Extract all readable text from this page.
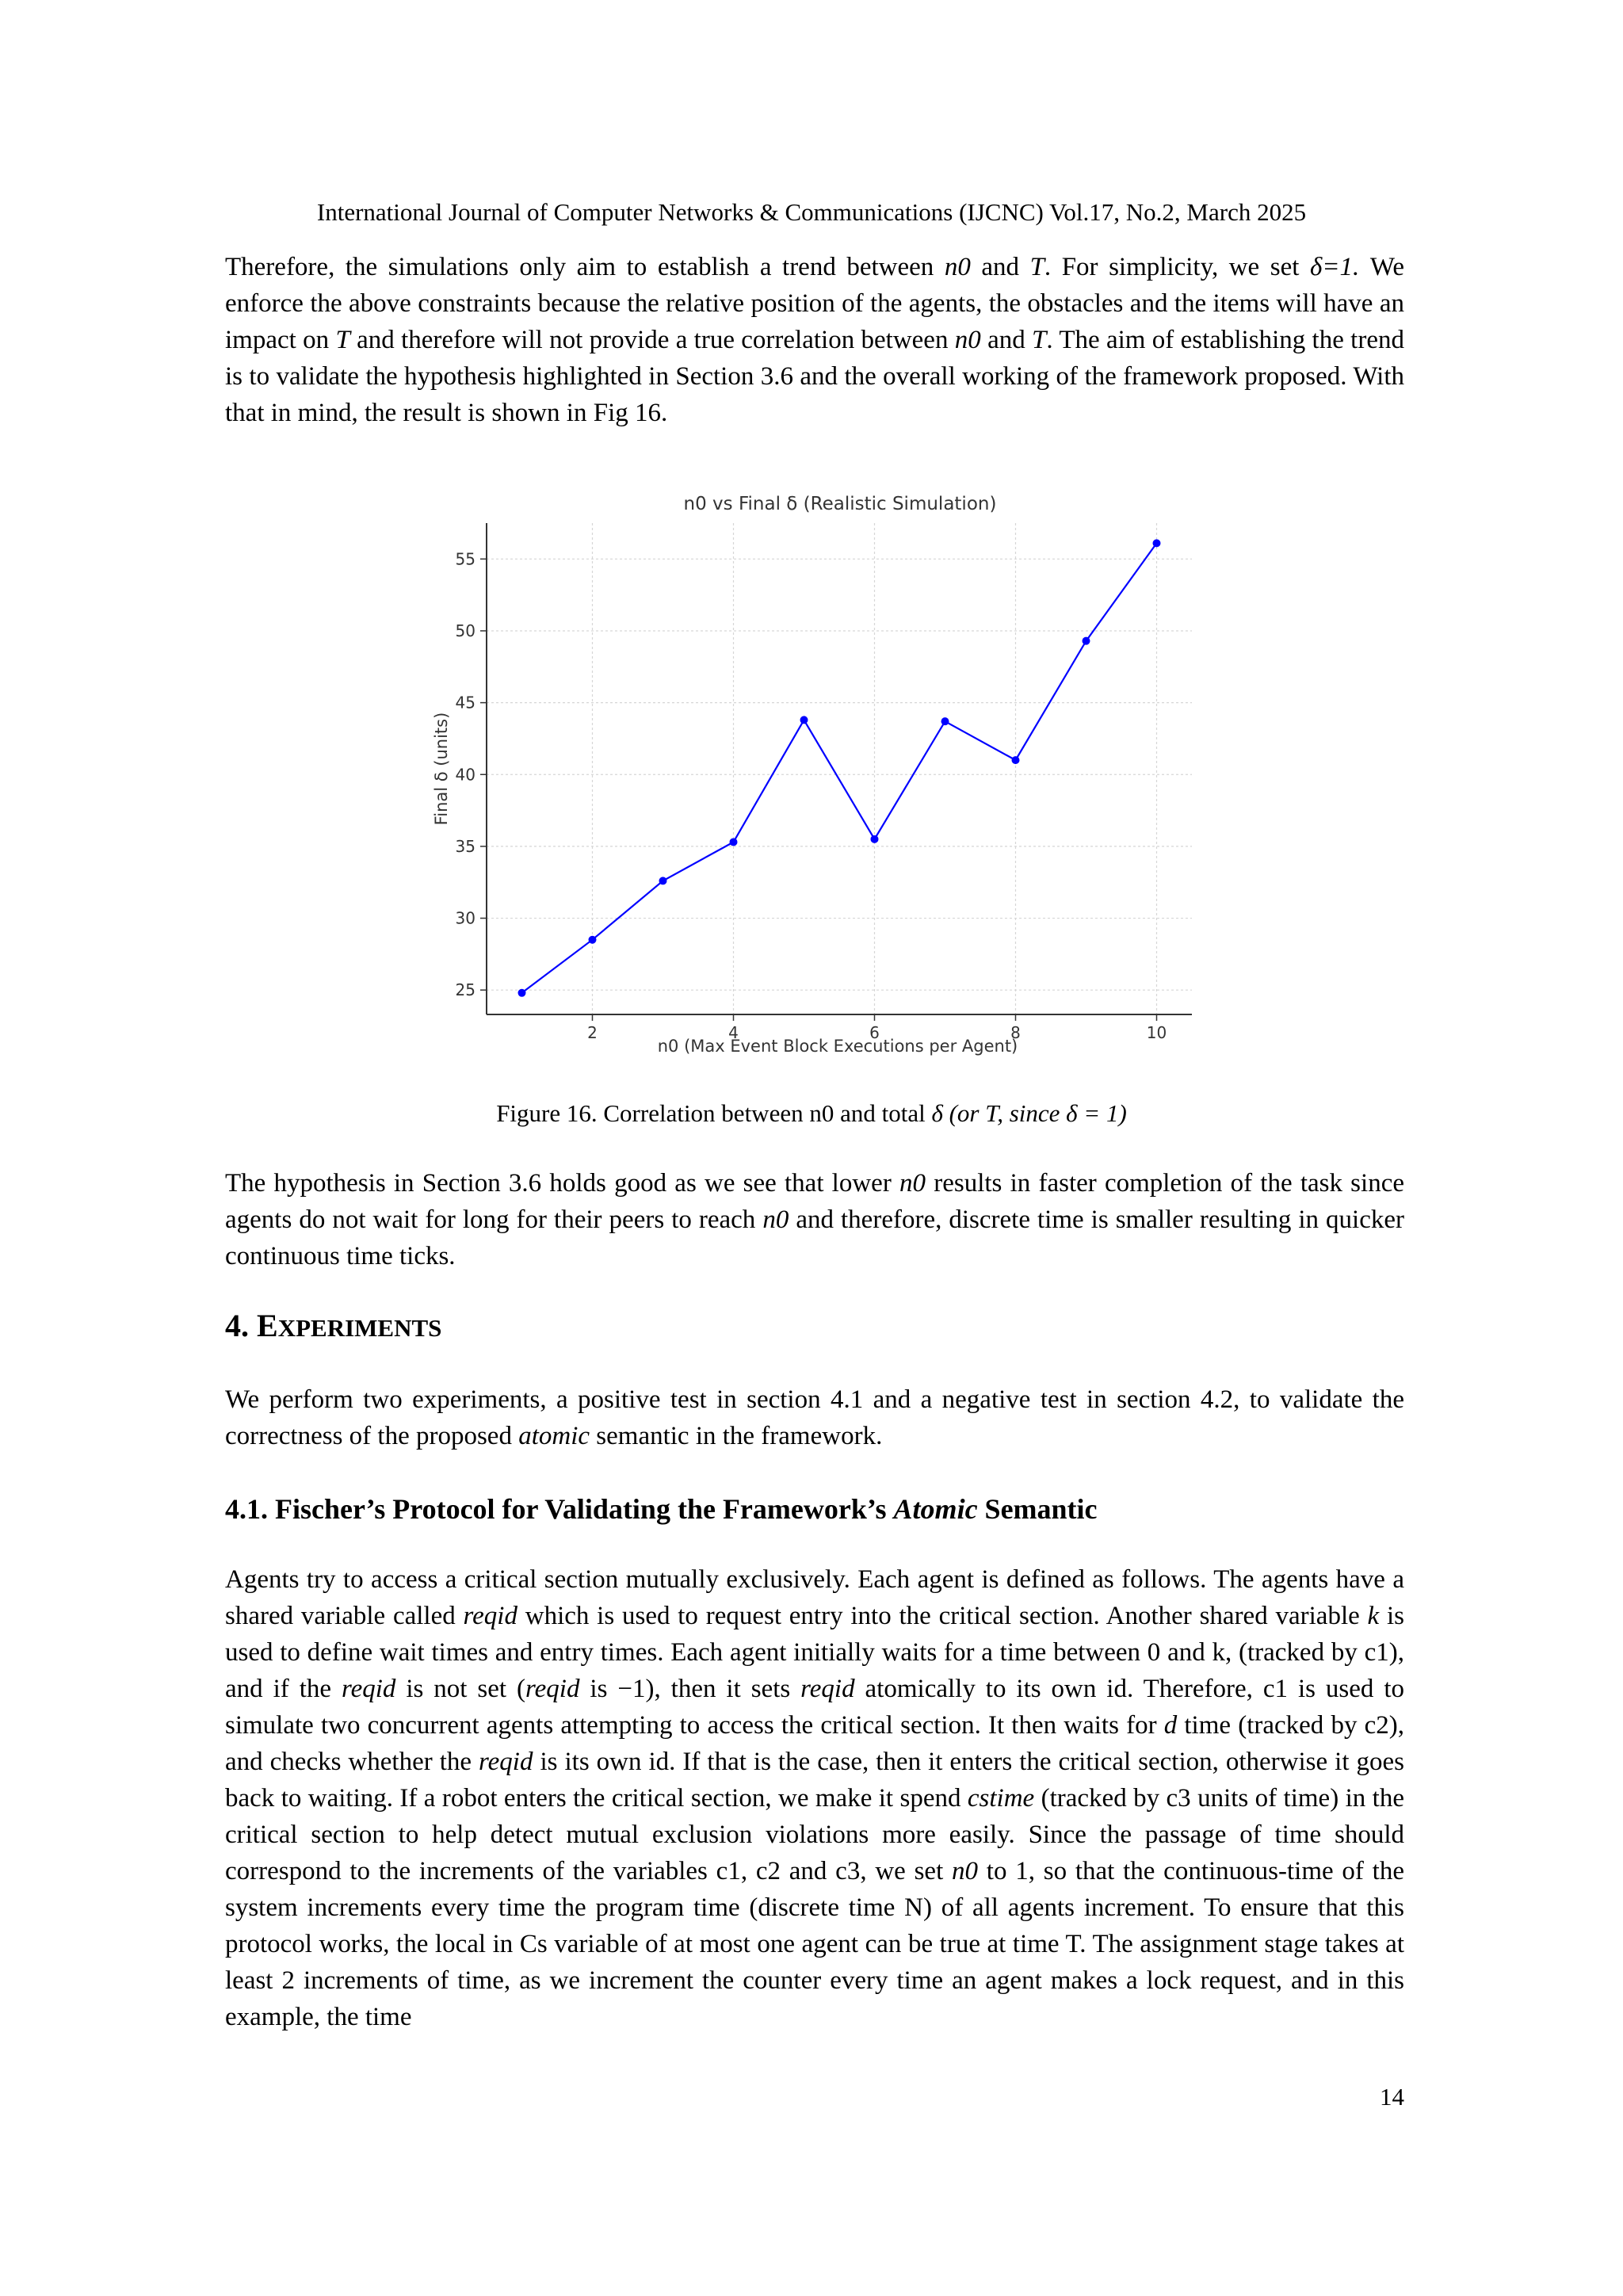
International Journal of Computer Networks & Communications (IJCNC) Vol.17, No.2, March 2025
Therefore, the simulations only aim to establish a trend between n0 and T. For simplicity, we set δ=1. We enforce the above constraints because the relative position of the agents, the obstacles and the items will have an impact on T and therefore will not provide a true correlation between n0 and T. The aim of establishing the trend is to validate the hypothesis highlighted in Section 3.6 and the overall working of the framework proposed. With that in mind, the result is shown in Fig 16.
n0 vs Final δ (Realistic Simulation)
2	4	6	8	10
25
30
35
40
45
50
55
Final δ (units)
n0 (Max Event Block Executions per Agent)
Figure 16. Correlation between n0 and total δ (or T, since δ = 1)
The hypothesis in Section 3.6 holds good as we see that lower n0 results in faster completion of the task since agents do not wait for long for their peers to reach n0 and therefore, discrete time is smaller resulting in quicker continuous time ticks.
4. EXPERIMENTS
We perform two experiments, a positive test in section 4.1 and a negative test in section 4.2, to validate the correctness of the proposed atomic semantic in the framework.
4.1. Fischer’s Protocol for Validating the Framework’s Atomic Semantic
Agents try to access a critical section mutually exclusively. Each agent is defined as follows. The agents have a shared variable called reqid which is used to request entry into the critical section. Another shared variable k is used to define wait times and entry times. Each agent initially waits for a time between 0 and k, (tracked by c1), and if the reqid is not set (reqid is −1), then it sets reqid atomically to its own id. Therefore, c1 is used to simulate two concurrent agents attempting to access the critical section. It then waits for d time (tracked by c2), and checks whether the reqid is its own id. If that is the case, then it enters the critical section, otherwise it goes back to waiting. If a robot enters the critical section, we make it spend cstime (tracked by c3 units of time) in the critical section to help detect mutual exclusion violations more easily. Since the passage of time should correspond to the increments of the variables c1, c2 and c3, we set n0 to 1, so that the continuous-time of the system increments every time the program time (discrete time N) of all agents increment. To ensure that this protocol works, the local in Cs variable of at most one agent can be true at time T. The assignment stage takes at least 2 increments of time, as we increment the counter every time an agent makes a lock request, and in this example, the time
14
